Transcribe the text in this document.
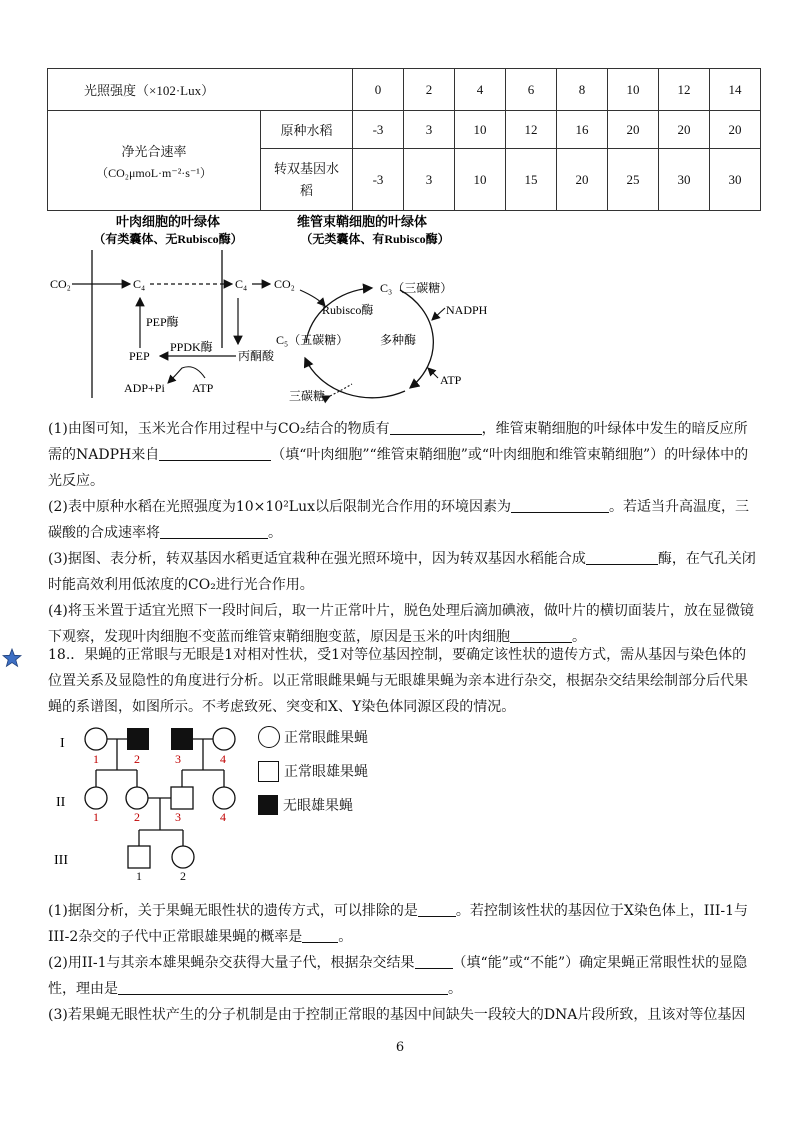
光照强度（×102·Lux）		0	2	4	6	8	10	12	14

净光合速率
（CO₂μmoL·m⁻²·s⁻¹）	原种水稻	-3	3	10	12	16	20	20	20

	转双基因水
稻	-3	3	10	15	20	25	30	30
叶肉细胞的叶绿体
（有类囊体、无Rubisco酶）
维管束鞘细胞的叶绿体
（无类囊体、有Rubisco酶）
CO₂	C₄	C₄ CO₂
PEP酶
PEP	丙酮酸
PPDK酶
ADP+Pi ATP
C₃（三碳糖）
Rubisco酶	NADPH
C₅（五碳糖）	多种酶
ATP
三碳糖
(1)由图可知，玉米光合作用过程中与CO₂结合的物质有	，维管束鞘细胞的叶绿体中发生的暗反应所需的NADPH来自	（填“叶肉细胞”“维管束鞘细胞”或“叶肉细胞和维管束鞘细胞”）的叶绿体中的光反应。
(2)表中原种水稻在光照强度为10×10²Lux以后限制光合作用的环境因素为	。若适当升高温度，三碳酸的合成速率将	。
(3)据图、表分析，转双基因水稻更适宜栽种在强光照环境中，因为转双基因水稻能合成	酶，在气孔关闭时能高效利用低浓度的CO₂进行光合作用。
(4)将玉米置于适宜光照下一段时间后，取一片正常叶片，脱色处理后滴加碘液，做叶片的横切面装片，放在显微镜下观察，发现叶肉细胞不变蓝而维管束鞘细胞变蓝，原因是玉米的叶肉细胞	。
18.．果蝇的正常眼与无眼是1对相对性状，受1对等位基因控制，要确定该性状的遗传方式，需从基因与染色体的位置关系及显隐性的角度进行分析。以正常眼雌果蝇与无眼雄果蝇为亲本进行杂交，根据杂交结果绘制部分后代果蝇的系谱图，如图所示。不考虑致死、突变和X、Y染色体同源区段的情况。
I
II
III
1	2	3	4
1	2	3	4
1	2
正常眼雌果蝇
正常眼雄果蝇
无眼雄果蝇
(1)据图分析，关于果蝇无眼性状的遗传方式，可以排除的是	。若控制该性状的基因位于X染色体上，III-1与III-2杂交的子代中正常眼雄果蝇的概率是	。
(2)用II-1与其亲本雄果蝇杂交获得大量子代，根据杂交结果	（填“能”或“不能”）确定果蝇正常眼性状的显隐性，理由是	。
(3)若果蝇无眼性状产生的分子机制是由于控制正常眼的基因中间缺失一段较大的DNA片段所致，且该对等位基因
6
